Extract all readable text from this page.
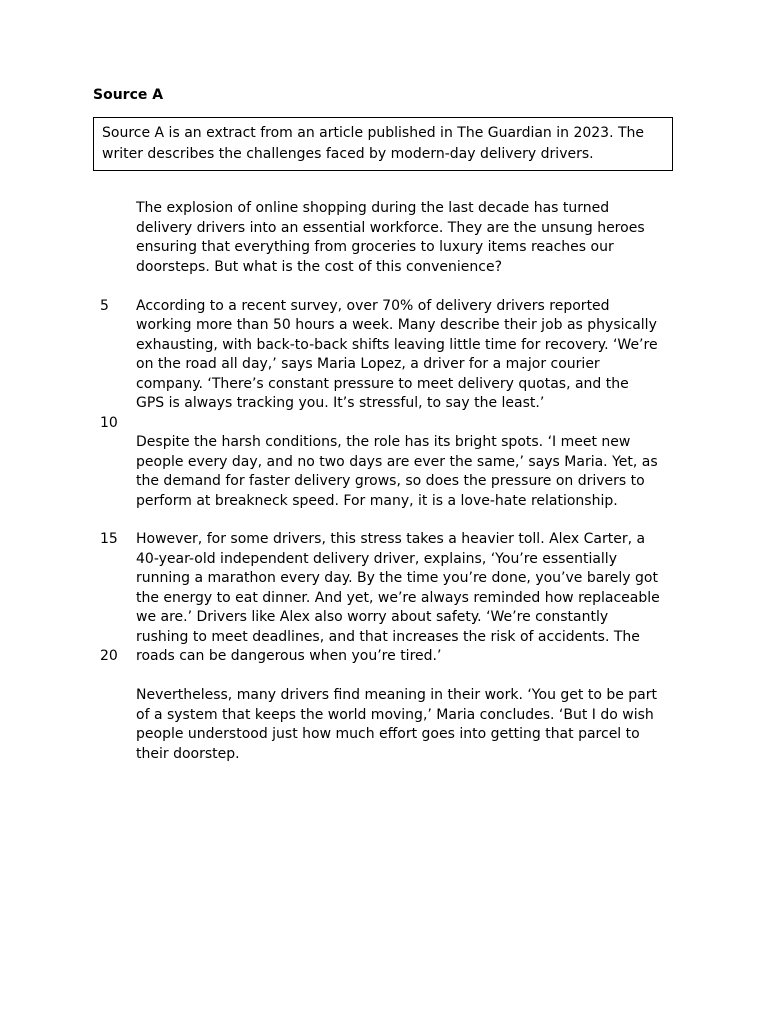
Source A
Source A is an extract from an article published in The Guardian in 2023. The
writer describes the challenges faced by modern-day delivery drivers.
The explosion of online shopping during the last decade has turned
delivery drivers into an essential workforce. They are the unsung heroes
ensuring that everything from groceries to luxury items reaches our
doorsteps. But what is the cost of this convenience?
5 According to a recent survey, over 70% of delivery drivers reported
working more than 50 hours a week. Many describe their job as physically
exhausting, with back-to-back shifts leaving little time for recovery. ‘We’re
on the road all day,’ says Maria Lopez, a driver for a major courier
company. ‘There’s constant pressure to meet delivery quotas, and the
GPS is always tracking you. It’s stressful, to say the least.’
10
Despite the harsh conditions, the role has its bright spots. ‘I meet new
people every day, and no two days are ever the same,’ says Maria. Yet, as
the demand for faster delivery grows, so does the pressure on drivers to
perform at breakneck speed. For many, it is a love-hate relationship.
15 However, for some drivers, this stress takes a heavier toll. Alex Carter, a
40-year-old independent delivery driver, explains, ‘You’re essentially
running a marathon every day. By the time you’re done, you’ve barely got
the energy to eat dinner. And yet, we’re always reminded how replaceable
we are.’ Drivers like Alex also worry about safety. ‘We’re constantly
rushing to meet deadlines, and that increases the risk of accidents. The
20 roads can be dangerous when you’re tired.’
Nevertheless, many drivers find meaning in their work. ‘You get to be part
of a system that keeps the world moving,’ Maria concludes. ‘But I do wish
people understood just how much effort goes into getting that parcel to
their doorstep.
